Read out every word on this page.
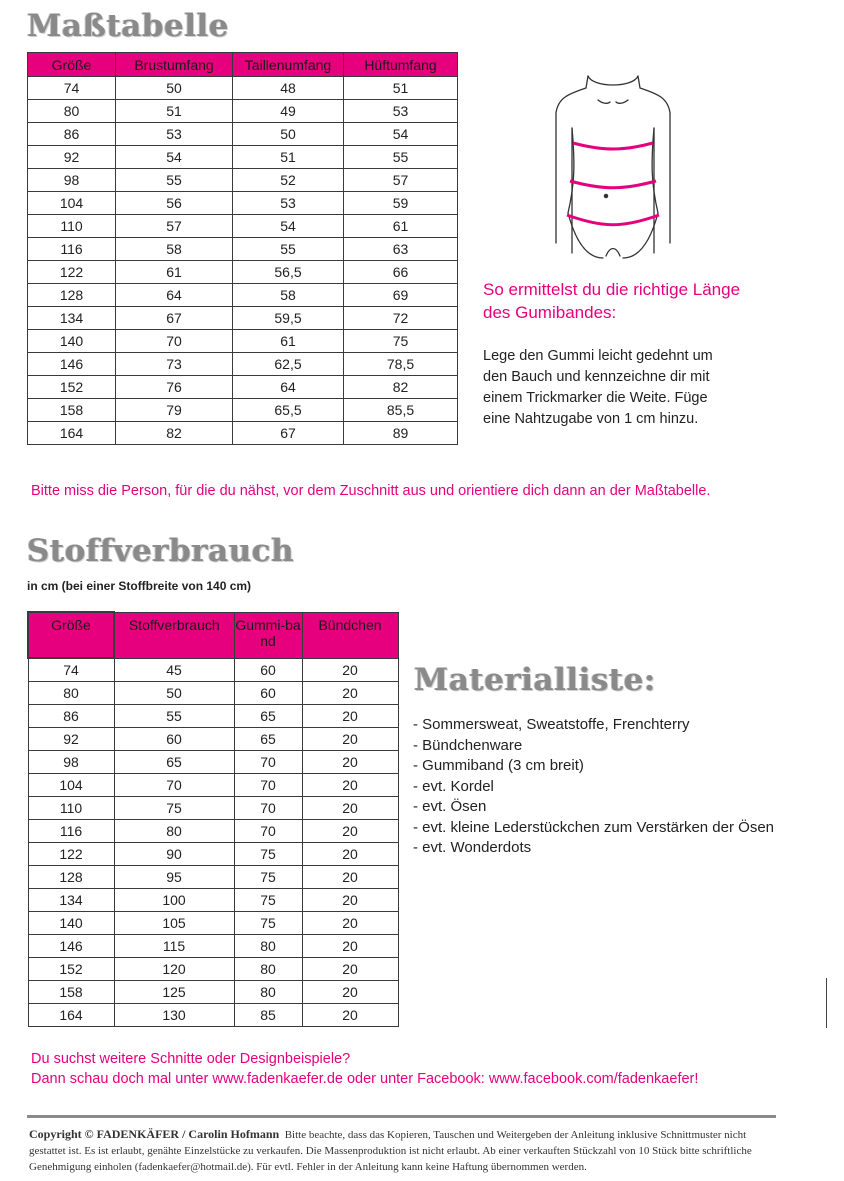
Maßtabelle
Größe	Brustumfang	Taillenumfang	Hüftumfang
74	50	48	51
80	51	49	53
86	53	50	54
92	54	51	55
98	55	52	57
104	56	53	59
110	57	54	61
116	58	55	63
122	61	56,5	66
128	64	58	69
134	67	59,5	72
140	70	61	75
146	73	62,5	78,5
152	76	64	82
158	79	65,5	85,5
164	82	67	89
So ermittelst du die richtige Länge des Gumibandes:
Lege den Gummi leicht gedehnt um den Bauch und kennzeichne dir mit einem Trickmarker die Weite. Füge eine Nahtzugabe von 1 cm hinzu.
Bitte miss die Person, für die du nähst, vor dem Zuschnitt aus und orientiere dich dann an der Maßtabelle.
Stoffverbrauch
in cm (bei einer Stoffbreite von 140 cm)
Größe	Stoffverbrauch	Gummi-band	Bündchen
74	45	60	20
80	50	60	20
86	55	65	20
92	60	65	20
98	65	70	20
104	70	70	20
110	75	70	20
116	80	70	20
122	90	75	20
128	95	75	20
134	100	75	20
140	105	75	20
146	115	80	20
152	120	80	20
158	125	80	20
164	130	85	20
Materialliste:
- Sommersweat, Sweatstoffe, Frenchterry
- Bündchenware
- Gummiband (3 cm breit)
- evt. Kordel
- evt. Ösen
- evt. kleine Lederstückchen zum Verstärken der Ösen
- evt. Wonderdots
Du suchst weitere Schnitte oder Designbeispiele?
Dann schau doch mal unter www.fadenkaefer.de oder unter Facebook: www.facebook.com/fadenkaefer!
Copyright © FADENKÄFER / Carolin Hofmann Bitte beachte, dass das Kopieren, Tauschen und Weitergeben der Anleitung inklusive Schnittmuster nicht gestattet ist. Es ist erlaubt, genähte Einzelstücke zu verkaufen. Die Massenproduktion ist nicht erlaubt. Ab einer verkauften Stückzahl von 10 Stück bitte schriftliche Genehmigung einholen (fadenkaefer@hotmail.de). Für evtl. Fehler in der Anleitung kann keine Haftung übernommen werden.
